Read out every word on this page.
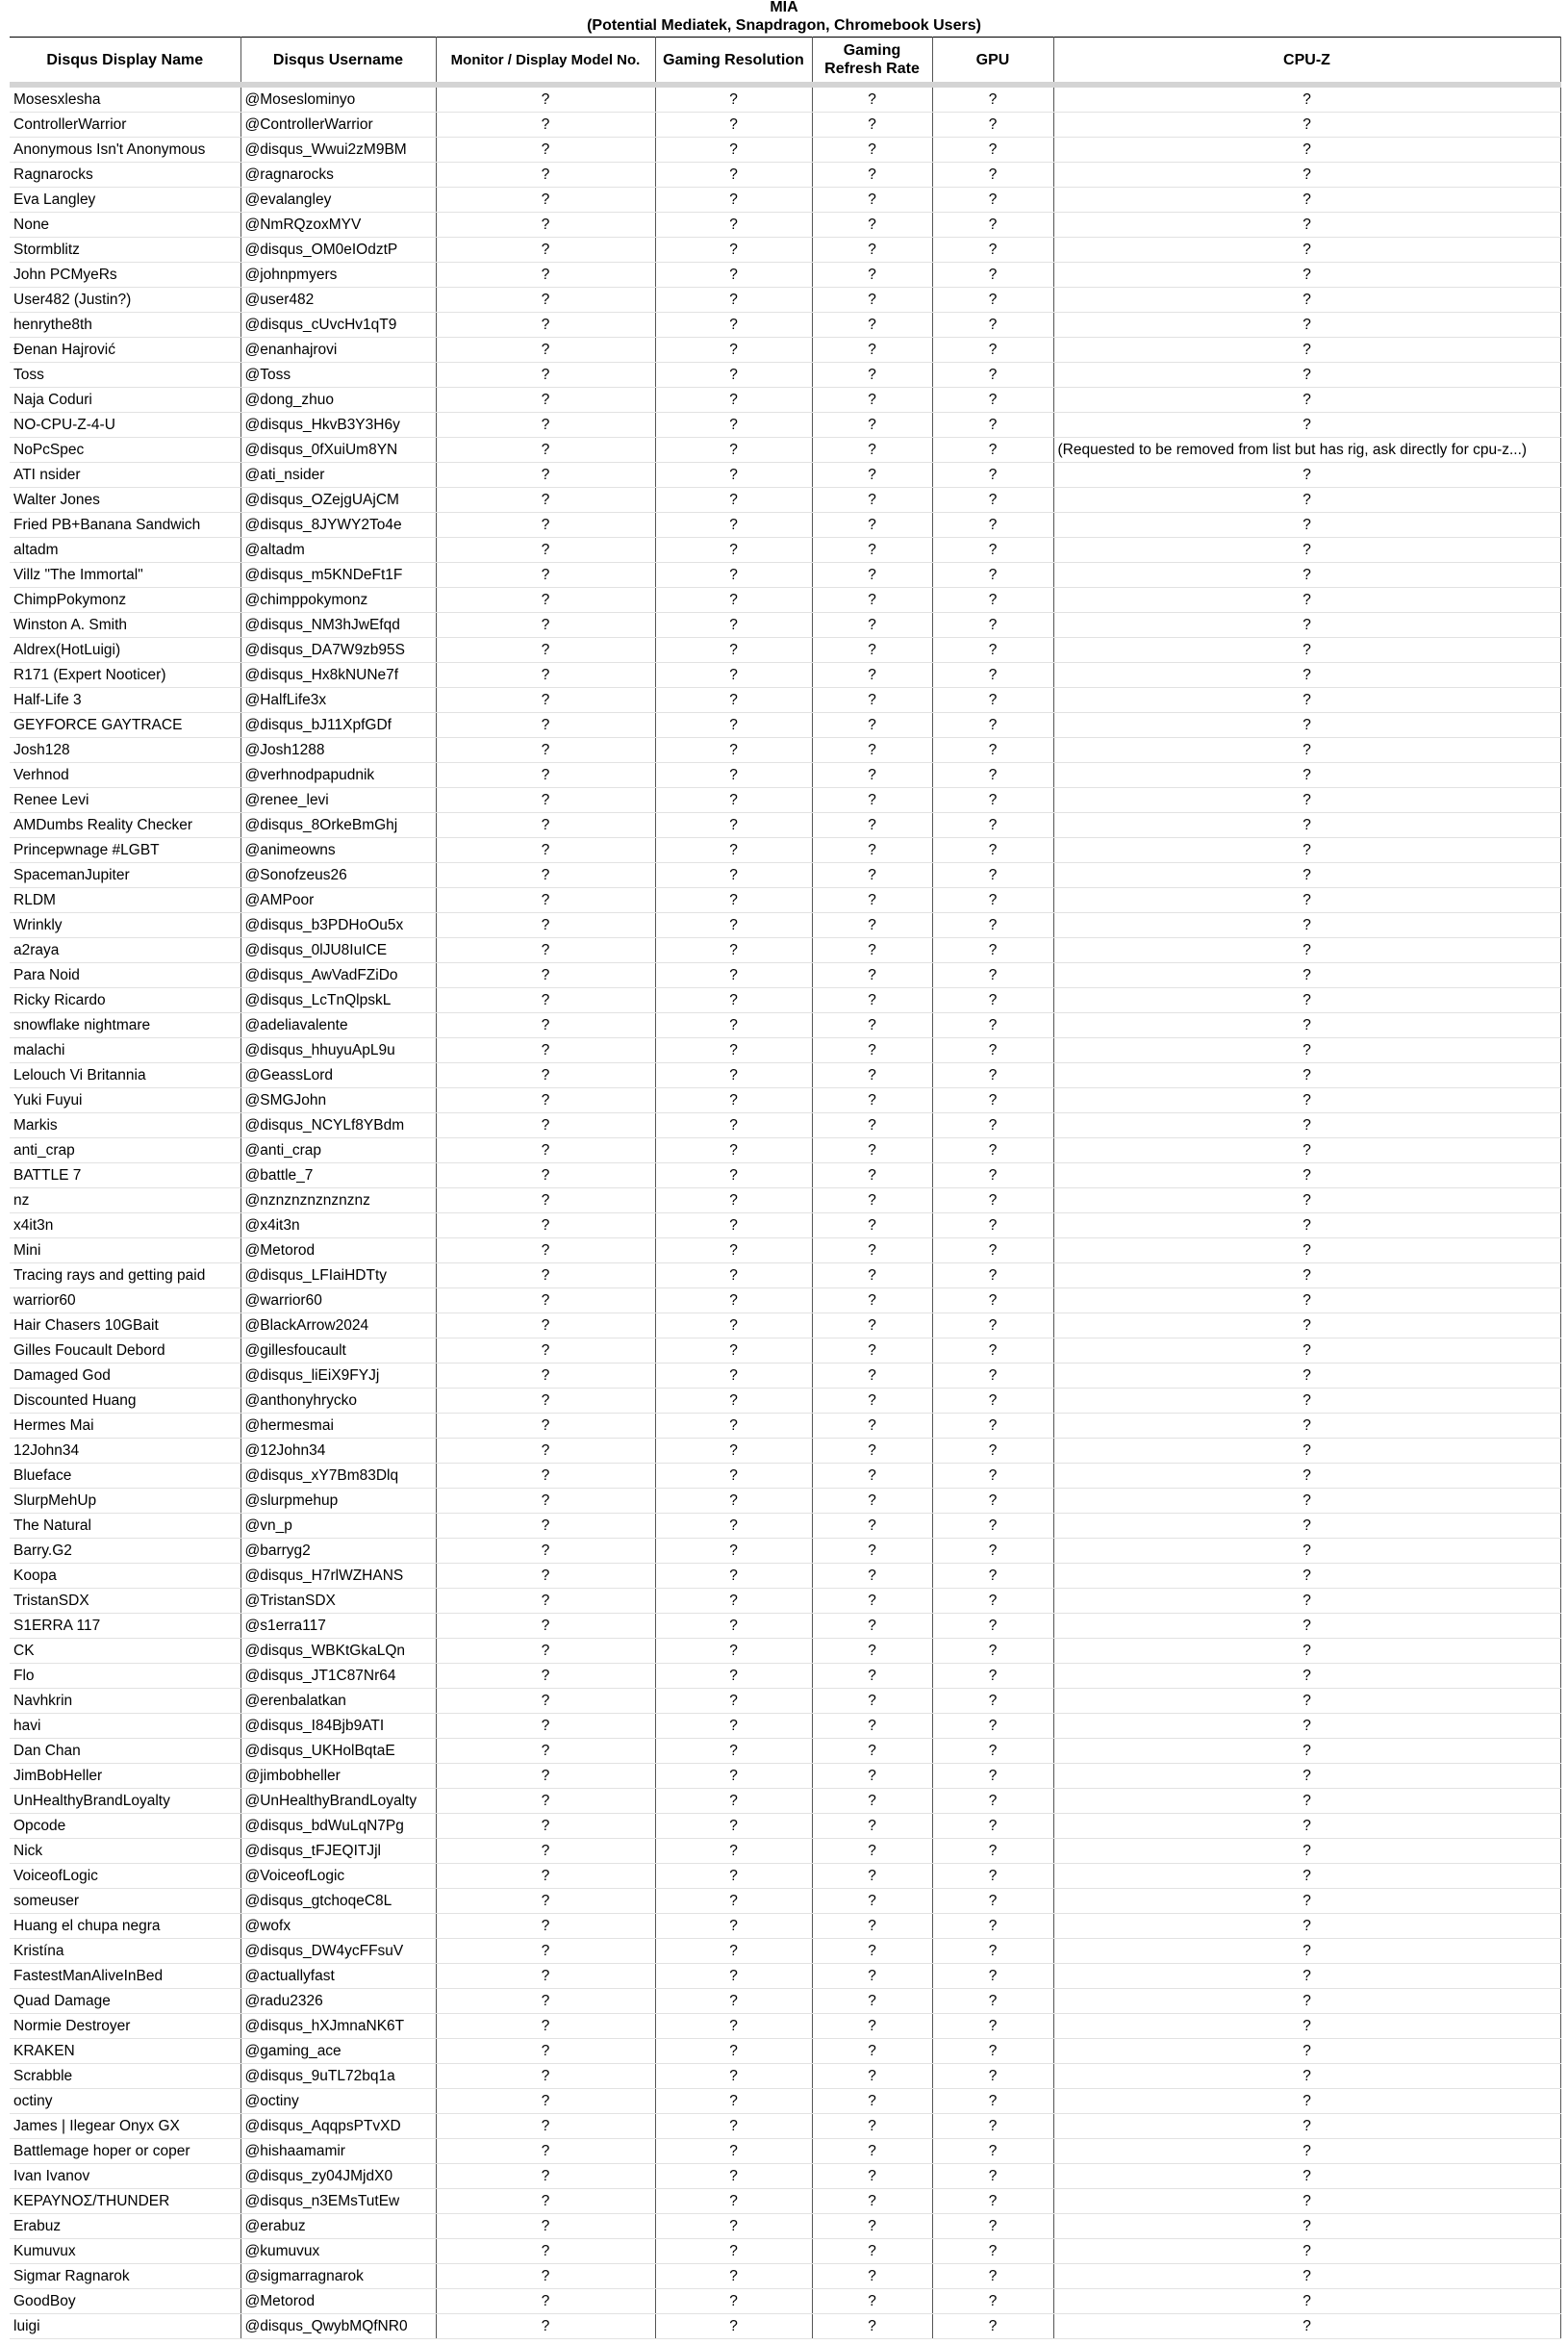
MIA
(Potential Mediatek, Snapdragon, Chromebook Users)
Disqus Display Name	Disqus Username	Monitor / Display Model No.	Gaming Resolution	Gaming Refresh Rate	GPU	CPU-Z
Mosesxlesha	@Moseslominyo	?	?	?	?	?
ControllerWarrior	@ControllerWarrior	?	?	?	?	?
Anonymous Isn't Anonymous	@disqus_Wwui2zM9BM	?	?	?	?	?
Ragnarocks	@ragnarocks	?	?	?	?	?
Eva Langley	@evalangley	?	?	?	?	?
None	@NmRQzoxMYV	?	?	?	?	?
Stormblitz	@disqus_OM0eIOdztP	?	?	?	?	?
John PCMyeRs	@johnpmyers	?	?	?	?	?
User482 (Justin?)	@user482	?	?	?	?	?
henrythe8th	@disqus_cUvcHv1qT9	?	?	?	?	?
Đenan Hajrović	@enanhajrovi	?	?	?	?	?
Toss	@Toss	?	?	?	?	?
Naja Coduri	@dong_zhuo	?	?	?	?	?
NO-CPU-Z-4-U	@disqus_HkvB3Y3H6y	?	?	?	?	?
NoPcSpec	@disqus_0fXuiUm8YN	?	?	?	?	(Requested to be removed from list but has rig, ask directly for cpu-z...)
ATI nsider	@ati_nsider	?	?	?	?	?
Walter Jones	@disqus_OZejgUAjCM	?	?	?	?	?
Fried PB+Banana Sandwich	@disqus_8JYWY2To4e	?	?	?	?	?
altadm	@altadm	?	?	?	?	?
Villz "The Immortal"	@disqus_m5KNDeFt1F	?	?	?	?	?
ChimpPokymonz	@chimppokymonz	?	?	?	?	?
Winston A. Smith	@disqus_NM3hJwEfqd	?	?	?	?	?
Aldrex(HotLuigi)	@disqus_DA7W9zb95S	?	?	?	?	?
R171 (Expert Nooticer)	@disqus_Hx8kNUNe7f	?	?	?	?	?
Half-Life 3	@HalfLife3x	?	?	?	?	?
GEYFORCE GAYTRACE	@disqus_bJ11XpfGDf	?	?	?	?	?
Josh128	@Josh1288	?	?	?	?	?
Verhnod	@verhnodpapudnik	?	?	?	?	?
Renee Levi	@renee_levi	?	?	?	?	?
AMDumbs Reality Checker	@disqus_8OrkeBmGhj	?	?	?	?	?
Princepwnage #LGBT	@animeowns	?	?	?	?	?
SpacemanJupiter	@Sonofzeus26	?	?	?	?	?
RLDM	@AMPoor	?	?	?	?	?
Wrinkly	@disqus_b3PDHoOu5x	?	?	?	?	?
a2raya	@disqus_0lJU8IuICE	?	?	?	?	?
Para Noid	@disqus_AwVadFZiDo	?	?	?	?	?
Ricky Ricardo	@disqus_LcTnQlpskL	?	?	?	?	?
snowflake nightmare	@adeliavalente	?	?	?	?	?
malachi	@disqus_hhuyuApL9u	?	?	?	?	?
Lelouch Vi Britannia	@GeassLord	?	?	?	?	?
Yuki Fuyui	@SMGJohn	?	?	?	?	?
Markis	@disqus_NCYLf8YBdm	?	?	?	?	?
anti_crap	@anti_crap	?	?	?	?	?
BATTLE 7	@battle_7	?	?	?	?	?
nz	@nznznznznznznz	?	?	?	?	?
x4it3n	@x4it3n	?	?	?	?	?
Mini	@Metorod	?	?	?	?	?
Tracing rays and getting paid	@disqus_LFIaiHDTty	?	?	?	?	?
warrior60	@warrior60	?	?	?	?	?
Hair Chasers 10GBait	@BlackArrow2024	?	?	?	?	?
Gilles Foucault Debord	@gillesfoucault	?	?	?	?	?
Damaged God	@disqus_liEiX9FYJj	?	?	?	?	?
Discounted Huang	@anthonyhrycko	?	?	?	?	?
Hermes Mai	@hermesmai	?	?	?	?	?
12John34	@12John34	?	?	?	?	?
Blueface	@disqus_xY7Bm83Dlq	?	?	?	?	?
SlurpMehUp	@slurpmehup	?	?	?	?	?
The Natural	@vn_p	?	?	?	?	?
Barry.G2	@barryg2	?	?	?	?	?
Koopa	@disqus_H7rlWZHANS	?	?	?	?	?
TristanSDX	@TristanSDX	?	?	?	?	?
S1ERRA 117	@s1erra117	?	?	?	?	?
CK	@disqus_WBKtGkaLQn	?	?	?	?	?
Flo	@disqus_JT1C87Nr64	?	?	?	?	?
Navhkrin	@erenbalatkan	?	?	?	?	?
havi	@disqus_I84Bjb9ATI	?	?	?	?	?
Dan Chan	@disqus_UKHolBqtaE	?	?	?	?	?
JimBobHeller	@jimbobheller	?	?	?	?	?
UnHealthyBrandLoyalty	@UnHealthyBrandLoyalty	?	?	?	?	?
Opcode	@disqus_bdWuLqN7Pg	?	?	?	?	?
Nick	@disqus_tFJEQITJjl	?	?	?	?	?
VoiceofLogic	@VoiceofLogic	?	?	?	?	?
someuser	@disqus_gtchoqeC8L	?	?	?	?	?
Huang el chupa negra	@wofx	?	?	?	?	?
Kristína	@disqus_DW4ycFFsuV	?	?	?	?	?
FastestManAliveInBed	@actuallyfast	?	?	?	?	?
Quad Damage	@radu2326	?	?	?	?	?
Normie Destroyer	@disqus_hXJmnaNK6T	?	?	?	?	?
KRAKEN	@gaming_ace	?	?	?	?	?
Scrabble	@disqus_9uTL72bq1a	?	?	?	?	?
octiny	@octiny	?	?	?	?	?
James | Ilegear Onyx GX	@disqus_AqqpsPTvXD	?	?	?	?	?
Battlemage hoper or coper	@hishaamamir	?	?	?	?	?
Ivan Ivanov	@disqus_zy04JMjdX0	?	?	?	?	?
ΚΕΡΑΥΝΟΣ/THUNDER	@disqus_n3EMsTutEw	?	?	?	?	?
Erabuz	@erabuz	?	?	?	?	?
Kumuvux	@kumuvux	?	?	?	?	?
Sigmar Ragnarok	@sigmarragnarok	?	?	?	?	?
GoodBoy	@Metorod	?	?	?	?	?
luigi	@disqus_QwybMQfNR0	?	?	?	?	?
